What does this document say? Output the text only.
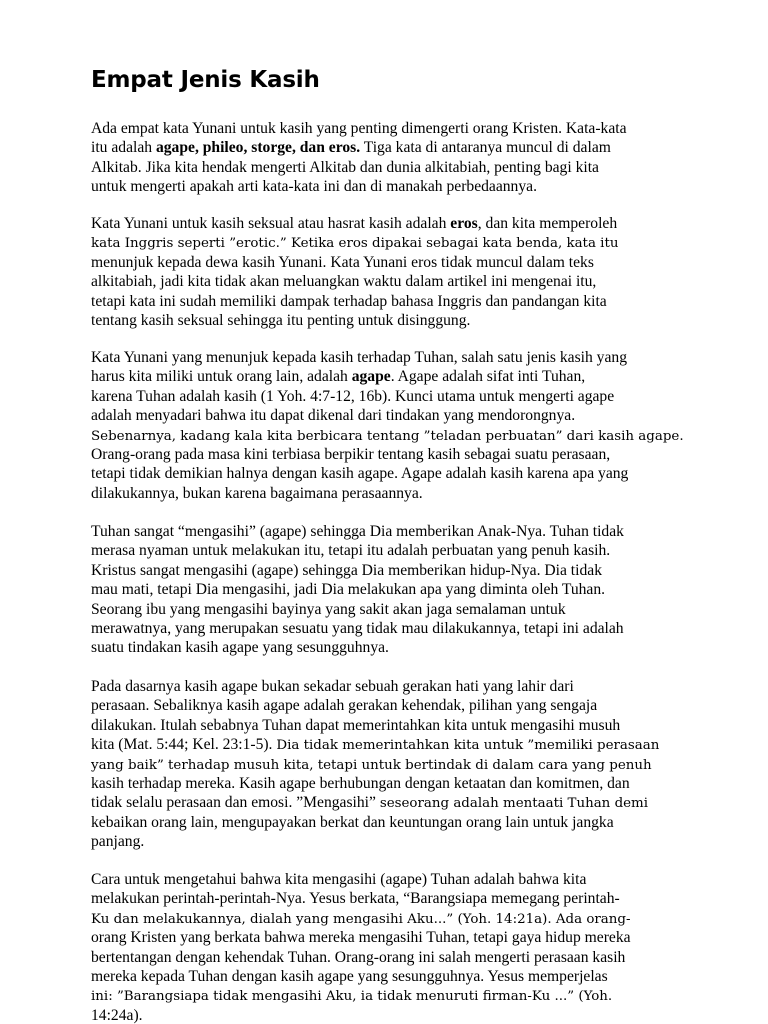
Empat Jenis Kasih

Ada empat kata Yunani untuk kasih yang penting dimengerti orang Kristen. Kata-kata
itu adalah agape, phileo, storge, dan eros. Tiga kata di antaranya muncul di dalam
Alkitab. Jika kita hendak mengerti Alkitab dan dunia alkitabiah, penting bagi kita
untuk mengerti apakah arti kata-kata ini dan di manakah perbedaannya.

Kata Yunani untuk kasih seksual atau hasrat kasih adalah eros, dan kita memperoleh
kata Inggris seperti ”erotic.” Ketika eros dipakai sebagai kata benda, kata itu
menunjuk kepada dewa kasih Yunani. Kata Yunani eros tidak muncul dalam teks
alkitabiah, jadi kita tidak akan meluangkan waktu dalam artikel ini mengenai itu,
tetapi kata ini sudah memiliki dampak terhadap bahasa Inggris dan pandangan kita
tentang kasih seksual sehingga itu penting untuk disinggung.

Kata Yunani yang menunjuk kepada kasih terhadap Tuhan, salah satu jenis kasih yang
harus kita miliki untuk orang lain, adalah agape. Agape adalah sifat inti Tuhan,
karena Tuhan adalah kasih (1 Yoh. 4:7-12, 16b). Kunci utama untuk mengerti agape
adalah menyadari bahwa itu dapat dikenal dari tindakan yang mendorongnya.
Sebenarnya, kadang kala kita berbicara tentang ”teladan perbuatan” dari kasih agape.
Orang-orang pada masa kini terbiasa berpikir tentang kasih sebagai suatu perasaan,
tetapi tidak demikian halnya dengan kasih agape. Agape adalah kasih karena apa yang
dilakukannya, bukan karena bagaimana perasaannya.

Tuhan sangat “mengasihi” (agape) sehingga Dia memberikan Anak-Nya. Tuhan tidak
merasa nyaman untuk melakukan itu, tetapi itu adalah perbuatan yang penuh kasih.
Kristus sangat mengasihi (agape) sehingga Dia memberikan hidup-Nya. Dia tidak
mau mati, tetapi Dia mengasihi, jadi Dia melakukan apa yang diminta oleh Tuhan.
Seorang ibu yang mengasihi bayinya yang sakit akan jaga semalaman untuk
merawatnya, yang merupakan sesuatu yang tidak mau dilakukannya, tetapi ini adalah
suatu tindakan kasih agape yang sesungguhnya.

Pada dasarnya kasih agape bukan sekadar sebuah gerakan hati yang lahir dari
perasaan. Sebaliknya kasih agape adalah gerakan kehendak, pilihan yang sengaja
dilakukan. Itulah sebabnya Tuhan dapat memerintahkan kita untuk mengasihi musuh
kita (Mat. 5:44; Kel. 23:1-5). Dia tidak memerintahkan kita untuk ”memiliki perasaan
yang baik” terhadap musuh kita, tetapi untuk bertindak di dalam cara yang penuh
kasih terhadap mereka. Kasih agape berhubungan dengan ketaatan dan komitmen, dan
tidak selalu perasaan dan emosi. ”Mengasihi” seseorang adalah mentaati Tuhan demi
kebaikan orang lain, mengupayakan berkat dan keuntungan orang lain untuk jangka
panjang.

Cara untuk mengetahui bahwa kita mengasihi (agape) Tuhan adalah bahwa kita
melakukan perintah-perintah-Nya. Yesus berkata, “Barangsiapa memegang perintah-
Ku dan melakukannya, dialah yang mengasihi Aku...” (Yoh. 14:21a). Ada orang-
orang Kristen yang berkata bahwa mereka mengasihi Tuhan, tetapi gaya hidup mereka
bertentangan dengan kehendak Tuhan. Orang-orang ini salah mengerti perasaan kasih
mereka kepada Tuhan dengan kasih agape yang sesungguhnya. Yesus memperjelas
ini: ”Barangsiapa tidak mengasihi Aku, ia tidak menuruti firman-Ku ...” (Yoh.
14:24a).
